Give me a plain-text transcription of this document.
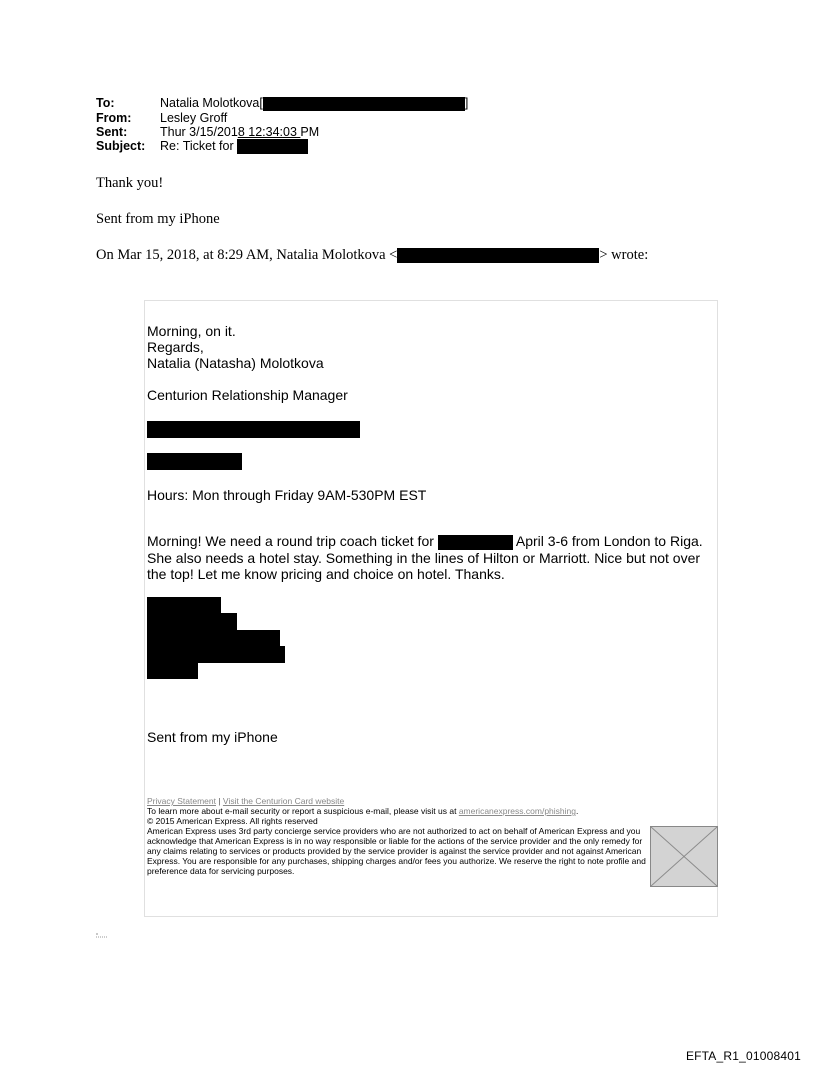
To:	Natalia Molotkova[	]
From:	Lesley Groff
Sent:	Thur 3/15/2018 12:34:03 PM
Subject:	Re: Ticket for
Thank you!
Sent from my iPhone
On Mar 15, 2018, at 8:29 AM, Natalia Molotkova <	> wrote:

Morning, on it.

Regards,

Natalia (Natasha) Molotkova

Centurion Relationship Manager

Hours: Mon through Friday 9AM-530PM EST
Morning! We need a round trip coach ticket for	April 3-6 from London to Riga. She also needs a hotel stay. Something in the lines of Hilton or Marriott. Nice but not over the top! Let me know pricing and choice on hotel. Thanks.
Sent from my iPhone
Privacy Statement | Visit the Centurion Card website
To learn more about e-mail security or report a suspicious e-mail, please visit us at americanexpress.com/phishing.
© 2015 American Express. All rights reserved
American Express uses 3rd party concierge service providers who are not authorized to act on behalf of American Express and you acknowledge that American Express is in no way responsible or liable for the actions of the service provider and the only remedy for any claims relating to services or products provided by the service provider is against the service provider and not against American Express. You are responsible for any purchases, shipping charges and/or fees you authorize. We reserve the right to note profile and preference data for servicing purposes.
EFTA_R1_01008401
